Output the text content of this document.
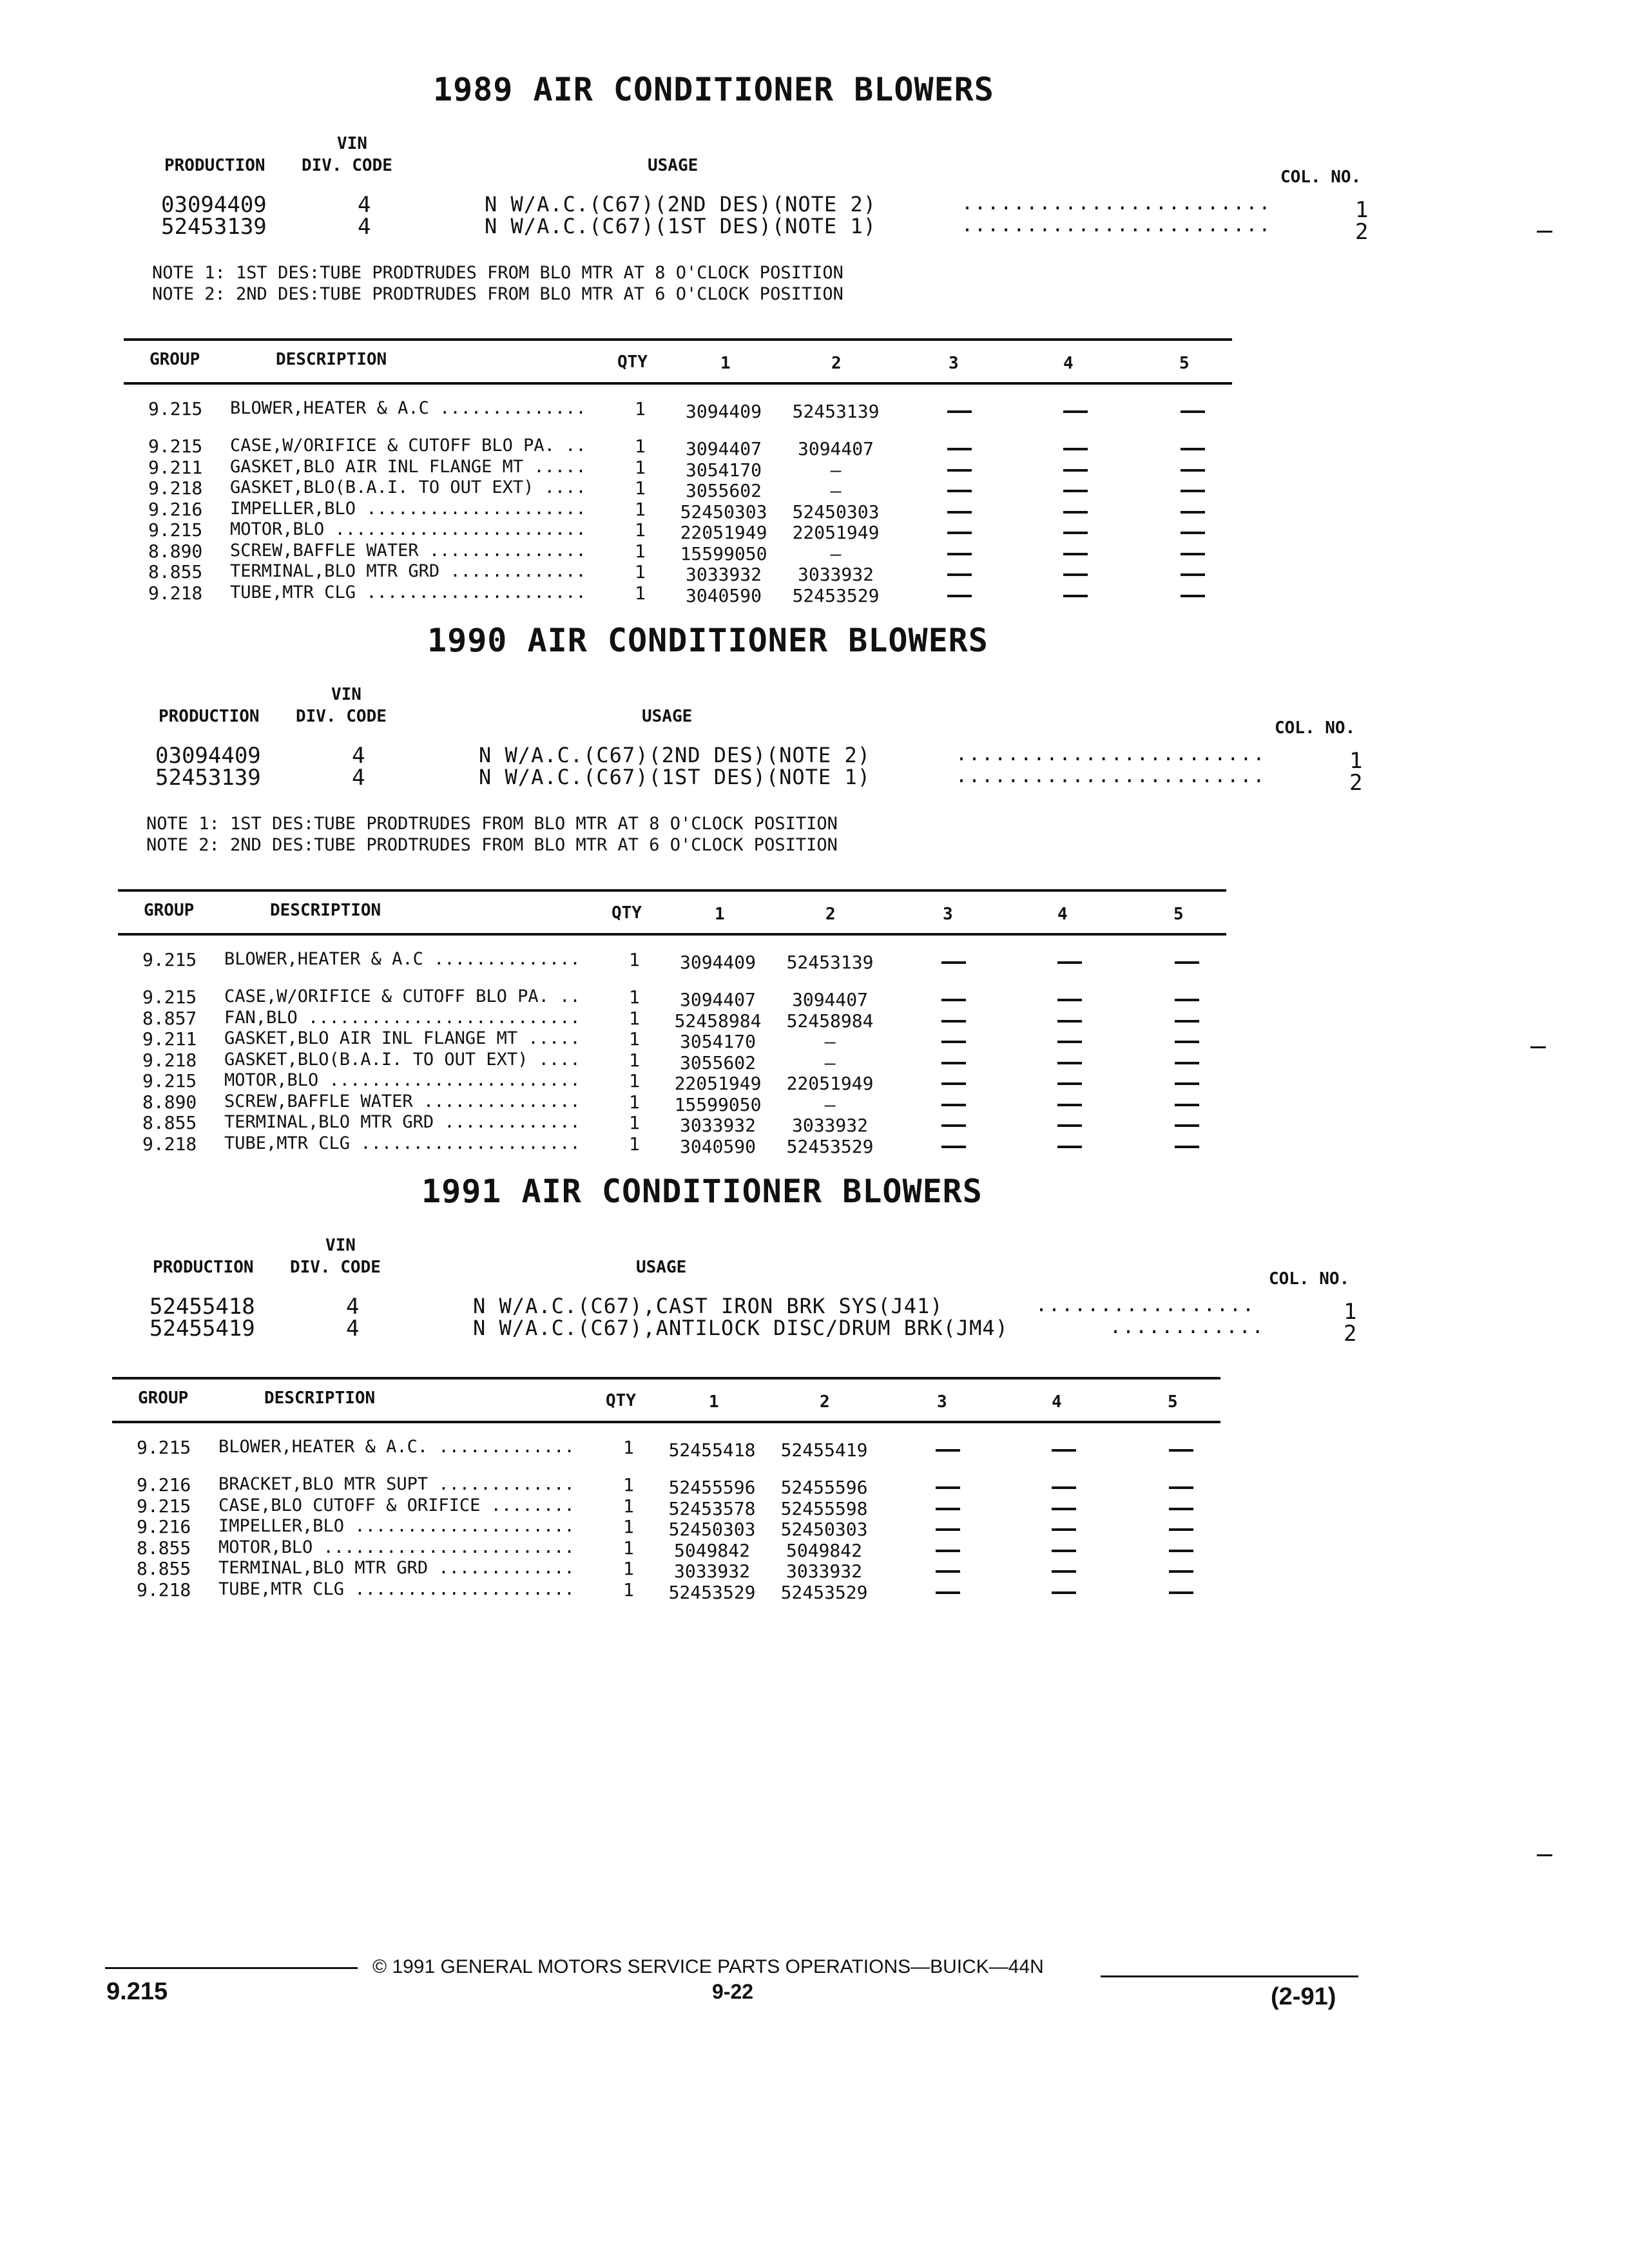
1989 AIR CONDITIONER BLOWERS
VIN
PRODUCTION DIV. CODE	USAGE
COL. NO.
03094409	4	N W/A.C.(C67)(2ND DES)(NOTE 2)	........................	1
52453139	4	N W/A.C.(C67)(1ST DES)(NOTE 1)	........................	2
NOTE 1: 1ST DES:TUBE PRODTRUDES FROM BLO MTR AT 8 O'CLOCK POSITION
NOTE 2: 2ND DES:TUBE PRODTRUDES FROM BLO MTR AT 6 O'CLOCK POSITION
GROUP	DESCRIPTION	QTY	1	2	3	4	5
9.215 BLOWER,HEATER & A.C ..............	1	3094409	52453139
9.215 CASE,W/ORIFICE & CUTOFF BLO PA. ..	1	3094407	3094407
9.211 GASKET,BLO AIR INL FLANGE MT .....	1	3054170	—
9.218 GASKET,BLO(B.A.I. TO OUT EXT) ....	1	3055602	—
9.216 IMPELLER,BLO .....................	1 52450303 52450303
9.215 MOTOR,BLO ........................	1 22051949 22051949
8.890 SCREW,BAFFLE WATER ...............	1 15599050	—
8.855 TERMINAL,BLO MTR GRD .............	1	3033932	3033932
9.218 TUBE,MTR CLG .....................	1	3040590	52453529
1990 AIR CONDITIONER BLOWERS
VIN
PRODUCTION DIV. CODE	USAGE
COL. NO.
03094409	4	N W/A.C.(C67)(2ND DES)(NOTE 2)	........................	1
52453139	4	N W/A.C.(C67)(1ST DES)(NOTE 1)	........................	2
NOTE 1: 1ST DES:TUBE PRODTRUDES FROM BLO MTR AT 8 O'CLOCK POSITION
NOTE 2: 2ND DES:TUBE PRODTRUDES FROM BLO MTR AT 6 O'CLOCK POSITION
GROUP	DESCRIPTION	QTY	1	2	3	4	5
9.215 BLOWER,HEATER & A.C ..............	1	3094409	52453139
9.215 CASE,W/ORIFICE & CUTOFF BLO PA. ..	1	3094407	3094407
8.857 FAN,BLO ..........................	1 52458984 52458984
9.211 GASKET,BLO AIR INL FLANGE MT .....	1	3054170	—
9.218 GASKET,BLO(B.A.I. TO OUT EXT) ....	1	3055602	—
9.215 MOTOR,BLO ........................	1 22051949 22051949
8.890 SCREW,BAFFLE WATER ...............	1 15599050	—
8.855 TERMINAL,BLO MTR GRD .............	1	3033932	3033932
9.218 TUBE,MTR CLG .....................	1	3040590	52453529
1991 AIR CONDITIONER BLOWERS
VIN
PRODUCTION DIV. CODE	USAGE
COL. NO.
52455418	4	N W/A.C.(C67),CAST IRON BRK SYS(J41)	.................	1
52455419	4	N W/A.C.(C67),ANTILOCK DISC/DRUM BRK(JM4)	............	2
GROUP	DESCRIPTION	QTY	1	2	3	4	5
9.215 BLOWER,HEATER & A.C. .............	1 52455418 52455419
9.216 BRACKET,BLO MTR SUPT .............	1 52455596 52455596
9.215 CASE,BLO CUTOFF & ORIFICE ........	1 52453578 52455598
9.216 IMPELLER,BLO .....................	1 52450303 52450303
8.855 MOTOR,BLO ........................	1	5049842	5049842
8.855 TERMINAL,BLO MTR GRD .............	1	3033932	3033932
9.218 TUBE,MTR CLG .....................	1 52453529 52453529
9.215
© 1991 GENERAL MOTORS SERVICE PARTS OPERATIONS—BUICK—44N
9-22	(2-91)
